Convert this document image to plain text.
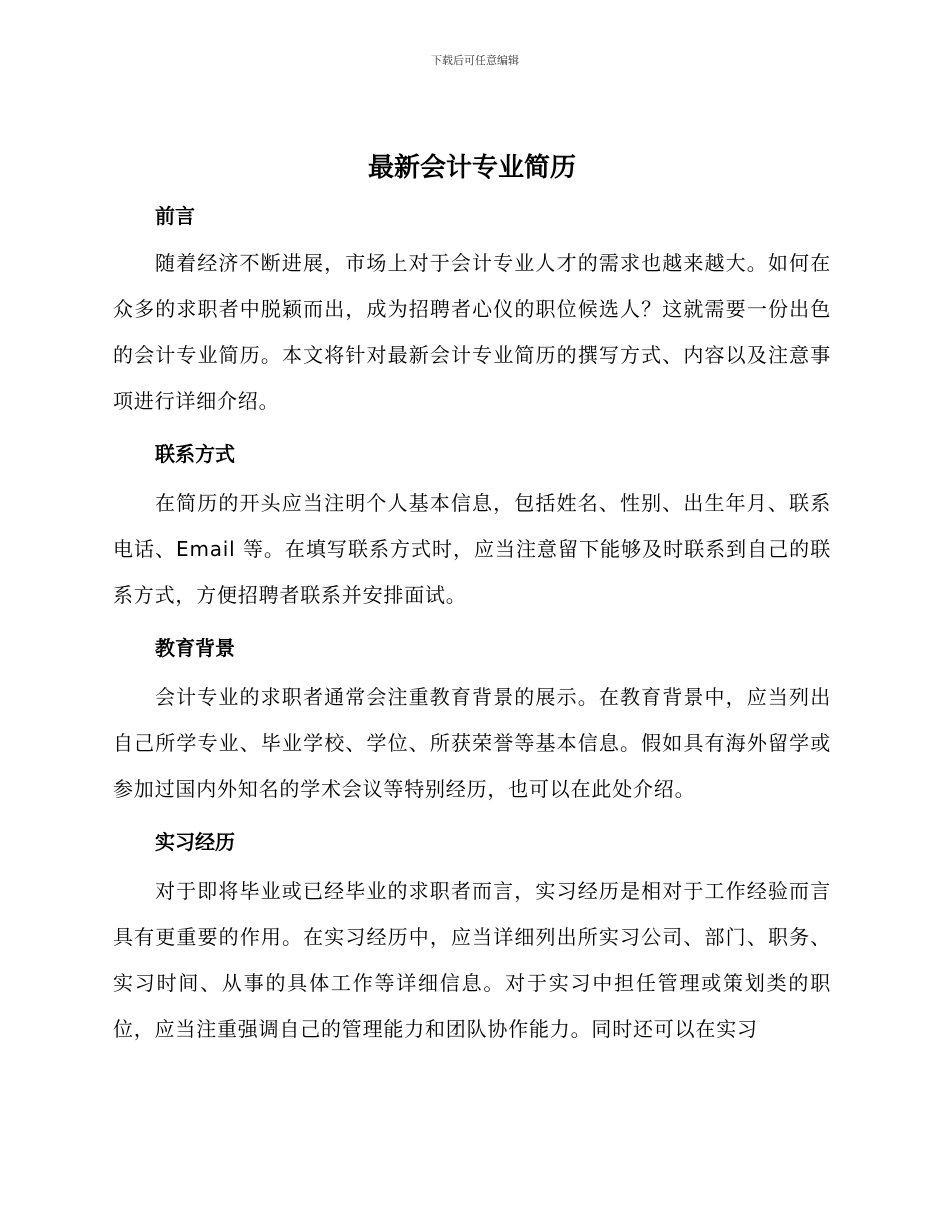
下载后可任意编辑
最新会计专业简历
前言

随着经济不断进展，市场上对于会计专业人才的需求也越来越大。如何在众多的求职者中脱颖而出，成为招聘者心仪的职位候选人？这就需要一份出色的会计专业简历。本文将针对最新会计专业简历的撰写方式、内容以及注意事项进行详细介绍。

联系方式

在简历的开头应当注明个人基本信息，包括姓名、性别、出生年月、联系电话、Email 等。在填写联系方式时，应当注意留下能够及时联系到自己的联系方式，方便招聘者联系并安排面试。

教育背景

会计专业的求职者通常会注重教育背景的展示。在教育背景中，应当列出自己所学专业、毕业学校、学位、所获荣誉等基本信息。假如具有海外留学或参加过国内外知名的学术会议等特别经历，也可以在此处介绍。

实习经历

对于即将毕业或已经毕业的求职者而言，实习经历是相对于工作经验而言具有更重要的作用。在实习经历中，应当详细列出所实习公司、部门、职务、实习时间、从事的具体工作等详细信息。对于实习中担任管理或策划类的职位，应当注重强调自己的管理能力和团队协作能力。同时还可以在实习
